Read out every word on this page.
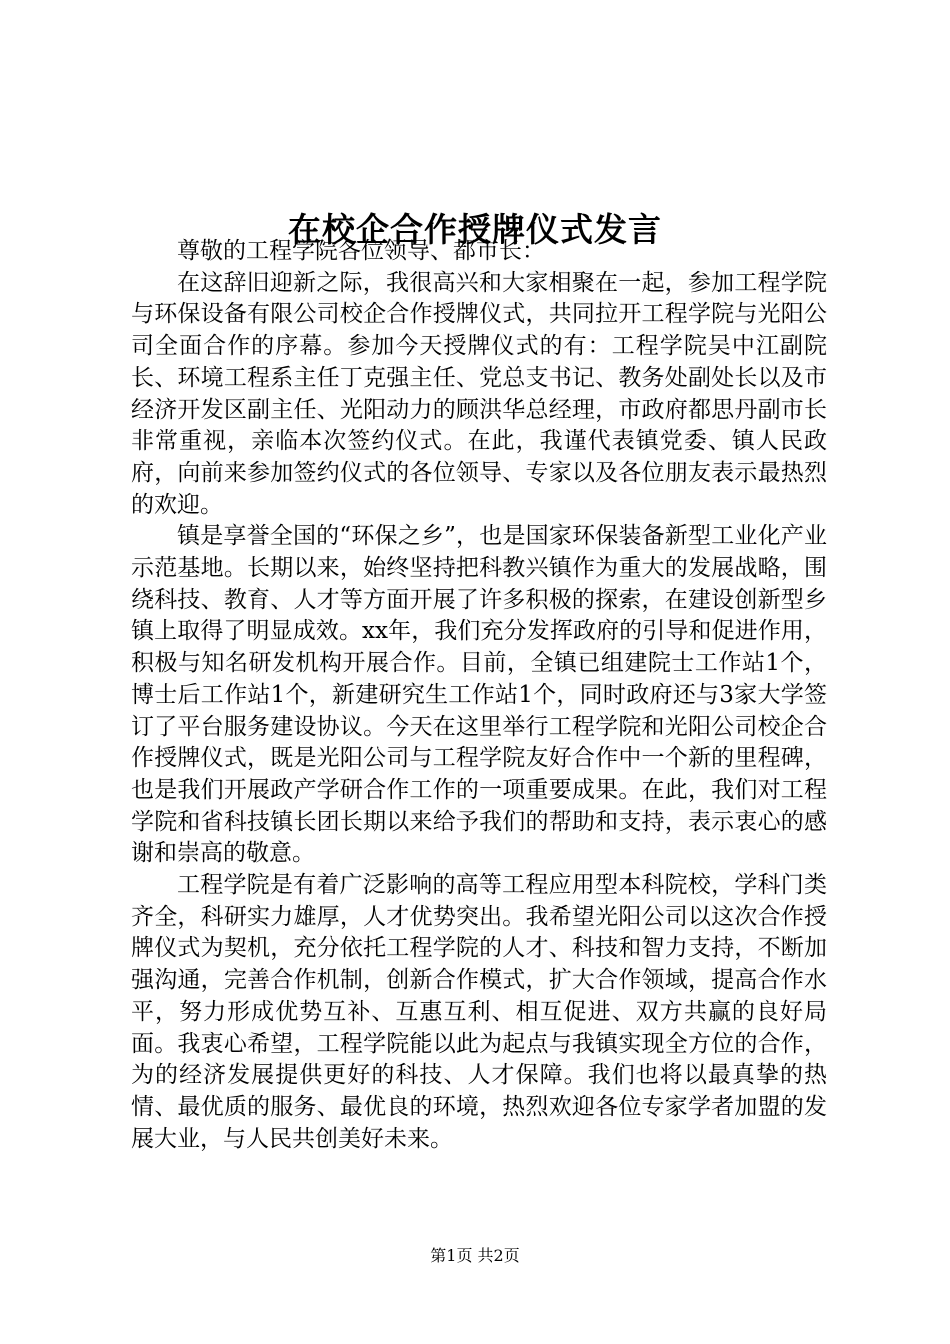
在校企合作授牌仪式发言

尊敬的工程学院各位领导、都市长：

在这辞旧迎新之际，我很高兴和大家相聚在一起，参加工程学院与环保设备有限公司校企合作授牌仪式，共同拉开工程学院与光阳公司全面合作的序幕。参加今天授牌仪式的有：工程学院吴中江副院长、环境工程系主任丁克强主任、党总支书记、教务处副处长以及市经济开发区副主任、光阳动力的顾洪华总经理，市政府都思丹副市长非常重视，亲临本次签约仪式。在此，我谨代表镇党委、镇人民政府，向前来参加签约仪式的各位领导、专家以及各位朋友表示最热烈的欢迎。

镇是享誉全国的“环保之乡”，也是国家环保装备新型工业化产业示范基地。长期以来，始终坚持把科教兴镇作为重大的发展战略，围绕科技、教育、人才等方面开展了许多积极的探索，在建设创新型乡镇上取得了明显成效。xx年，我们充分发挥政府的引导和促进作用，积极与知名研发机构开展合作。目前，全镇已组建院士工作站1个，博士后工作站1个，新建研究生工作站1个，同时政府还与3家大学签订了平台服务建设协议。今天在这里举行工程学院和光阳公司校企合作授牌仪式，既是光阳公司与工程学院友好合作中一个新的里程碑，也是我们开展政产学研合作工作的一项重要成果。在此，我们对工程学院和省科技镇长团长期以来给予我们的帮助和支持，表示衷心的感谢和崇高的敬意。

工程学院是有着广泛影响的高等工程应用型本科院校，学科门类齐全，科研实力雄厚，人才优势突出。我希望光阳公司以这次合作授牌仪式为契机，充分依托工程学院的人才、科技和智力支持，不断加强沟通，完善合作机制，创新合作模式，扩大合作领域，提高合作水平，努力形成优势互补、互惠互利、相互促进、双方共赢的良好局面。我衷心希望，工程学院能以此为起点与我镇实现全方位的合作，为的经济发展提供更好的科技、人才保障。我们也将以最真挚的热情、最优质的服务、最优良的环境，热烈欢迎各位专家学者加盟的发展大业，与人民共创美好未来。

第1页 共2页
